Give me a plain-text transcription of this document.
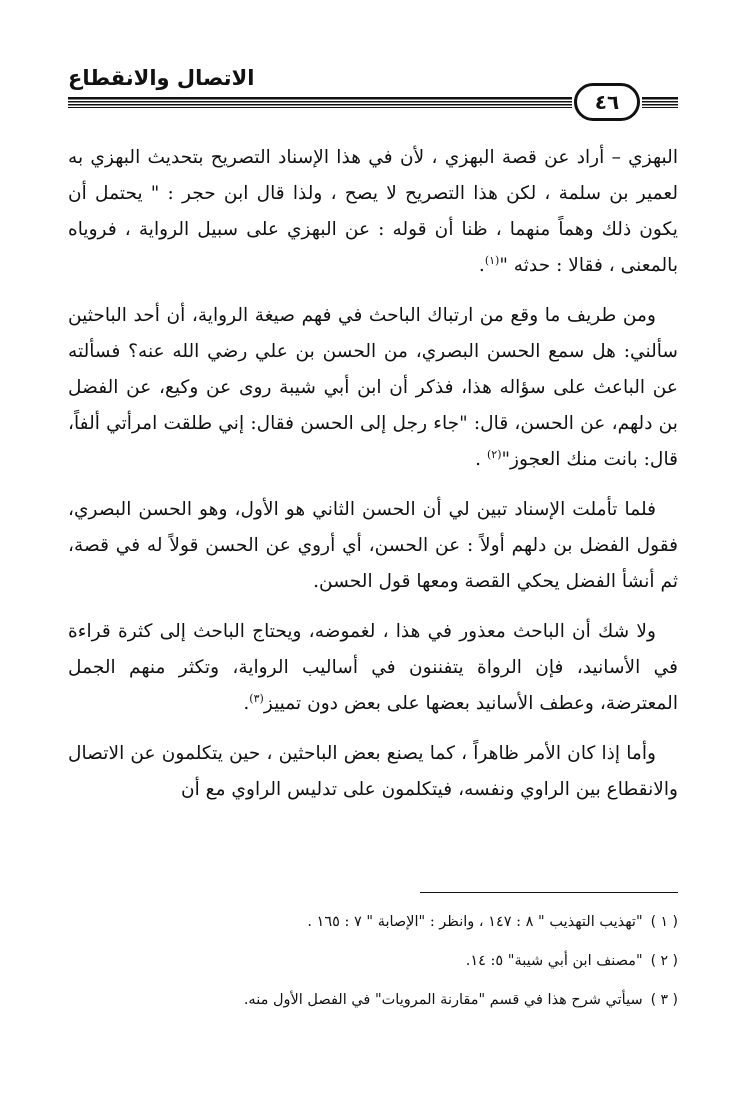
الاتصال والانقطاع
٤٦

البهزي – أراد عن قصة البهزي ، لأن في هذا الإسناد التصريح بتحديث البهزي به لعمير بن سلمة ، لكن هذا التصريح لا يصح ، ولذا قال ابن حجر : " يحتمل أن يكون ذلك وهماً منهما ، ظنا أن قوله : عن البهزي على سبيل الرواية ، فروياه بالمعنى ، فقالا : حدثه "$^{(١)}$.

ومن طريف ما وقع من ارتباك الباحث في فهم صيغة الرواية، أن أحد الباحثين سألني: هل سمع الحسن البصري، من الحسن بن علي رضي الله عنه؟ فسألته عن الباعث على سؤاله هذا، فذكر أن ابن أبي شيبة روى عن وكيع، عن الفضل بن دلهم، عن الحسن، قال: "جاء رجل إلى الحسن فقال: إني طلقت امرأتي ألفاً، قال: بانت منك العجوز"$^{(٢)}$ .

فلما تأملت الإسناد تبين لي أن الحسن الثاني هو الأول، وهو الحسن البصري، فقول الفضل بن دلهم أولاً : عن الحسن، أي أروي عن الحسن قولاً له في قصة، ثم أنشأ الفضل يحكي القصة ومعها قول الحسن.

ولا شك أن الباحث معذور في هذا ، لغموضه، ويحتاج الباحث إلى كثرة قراءة في الأسانيد، فإن الرواة يتفننون في أساليب الرواية، وتكثر منهم الجمل المعترضة، وعطف الأسانيد بعضها على بعض دون تمييز$^{(٣)}$.

وأما إذا كان الأمر ظاهراً ، كما يصنع بعض الباحثين ، حين يتكلمون عن الاتصال والانقطاع بين الراوي ونفسه، فيتكلمون على تدليس الراوي مع أن

( ١ )
"تهذيب التهذيب " ٨ : ١٤٧ ، وانظر : "الإصابة " ٧ : ١٦٥ .
( ٢ )
"مصنف ابن أبي شيبة" ٥: ١٤.
( ٣ )
سيأتي شرح هذا في قسم "مقارنة المرويات" في الفصل الأول منه.
